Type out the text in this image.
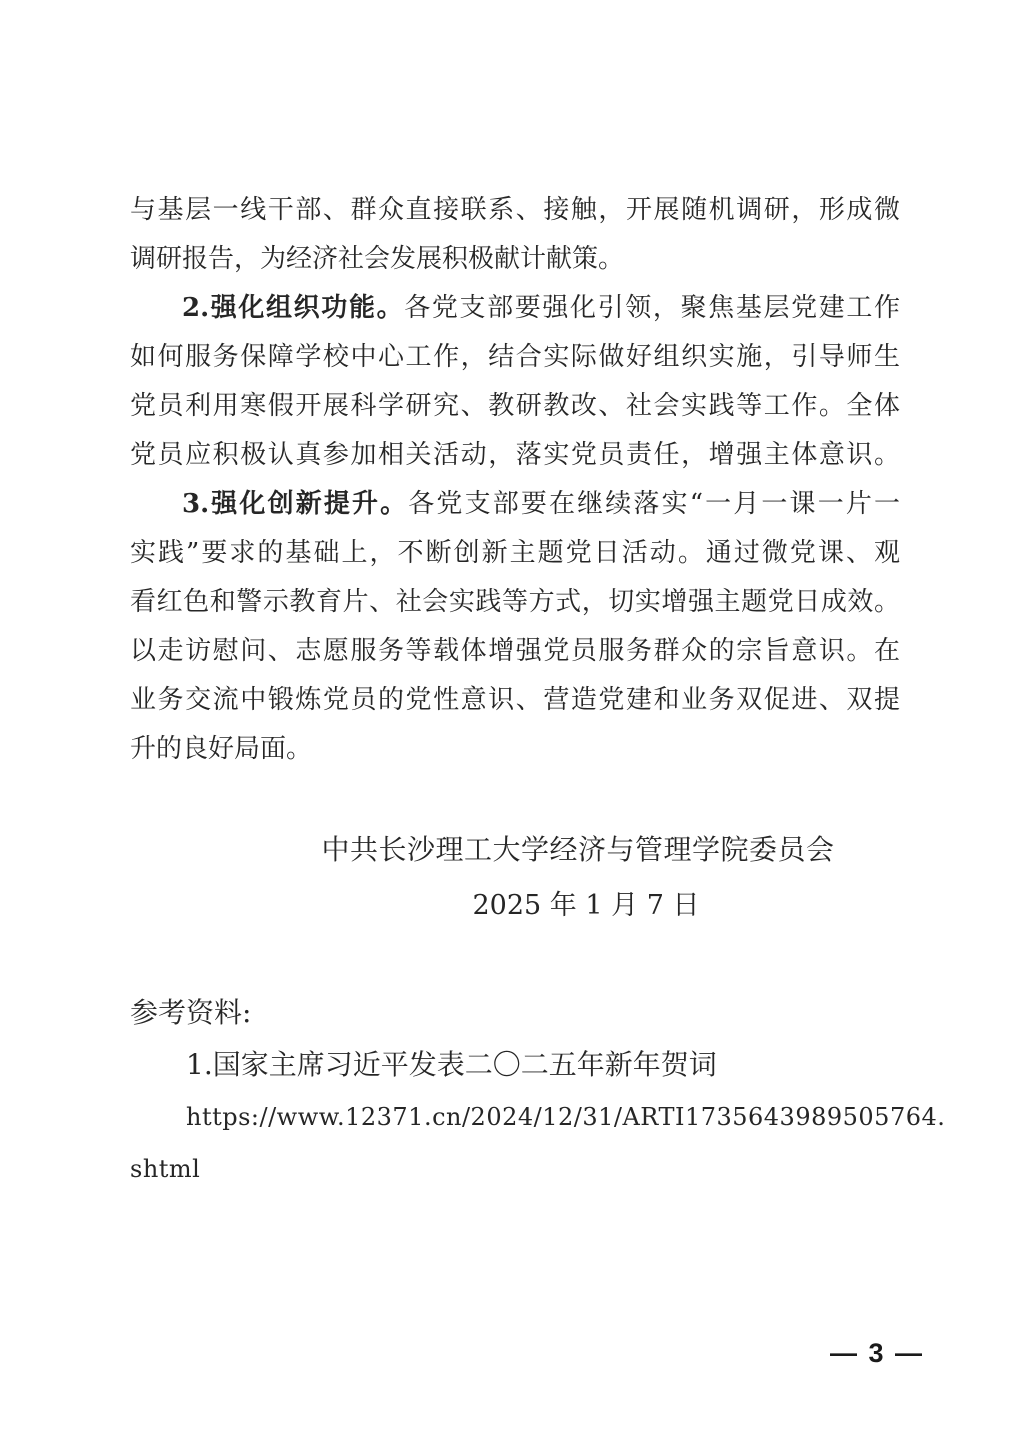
与基层一线干部、群众直接联系、接触，开展随机调研，形成微
调研报告，为经济社会发展积极献计献策。
2.强化组织功能。各党支部要强化引领，聚焦基层党建工作
如何服务保障学校中心工作，结合实际做好组织实施，引导师生
党员利用寒假开展科学研究、教研教改、社会实践等工作。全体
党员应积极认真参加相关活动，落实党员责任，增强主体意识。
3.强化创新提升。各党支部要在继续落实“一月一课一片一
实践”要求的基础上，不断创新主题党日活动。通过微党课、观
看红色和警示教育片、社会实践等方式，切实增强主题党日成效。
以走访慰问、志愿服务等载体增强党员服务群众的宗旨意识。在
业务交流中锻炼党员的党性意识、营造党建和业务双促进、双提
升的良好局面。
中共长沙理工大学经济与管理学院委员会
2025 年 1 月 7 日
参考资料:
1.国家主席习近平发表二〇二五年新年贺词
https://www.12371.cn/2024/12/31/ARTI1735643989505764.
shtml
— 3 —
